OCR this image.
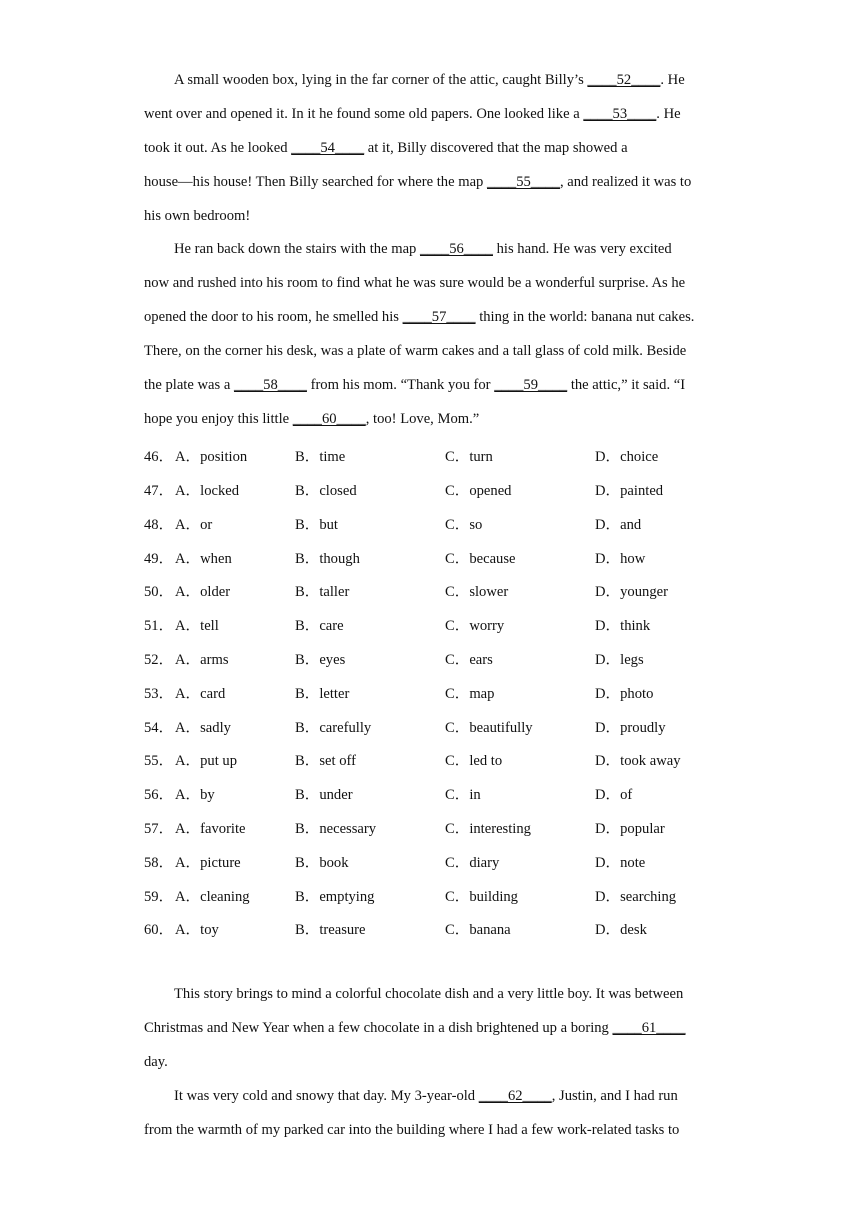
A small wooden box, lying in the far corner of the attic, caught Billy’s ____52____. He
went over and opened it. In it he found some old papers. One looked like a ____53____. He
took it out. As he looked ____54____ at it, Billy discovered that the map showed a
house—his house! Then Billy searched for where the map ____55____, and realized it was to
his own bedroom!
He ran back down the stairs with the map ____56____ his hand. He was very excited
now and rushed into his room to find what he was sure would be a wonderful surprise. As he
opened the door to his room, he smelled his ____57____ thing in the world: banana nut cakes.
There, on the corner his desk, was a plate of warm cakes and a tall glass of cold milk. Beside
the plate was a ____58____ from his mom. “Thank you for ____59____ the attic,” it said. “I
hope you enjoy this little ____60____, too! Love, Mom.”
46． A．position	B．time	C．turn	D．choice
47． A．locked	B．closed	C．opened	D．painted
48． A．or	B．but	C．so	D．and
49． A．when	B．though	C．because	D．how
50． A．older	B．taller	C．slower	D．younger
51． A．tell	B．care	C．worry	D．think
52． A．arms	B．eyes	C．ears	D．legs
53． A．card	B．letter	C．map	D．photo
54． A．sadly	B．carefully	C．beautifully	D．proudly
55． A．put up	B．set off	C．led to	D．took away
56． A．by	B．under	C．in	D．of
57． A．favorite	B．necessary	C．interesting	D．popular
58． A．picture	B．book	C．diary	D．note
59． A．cleaning	B．emptying	C．building	D．searching
60． A．toy	B．treasure	C．banana	D．desk
This story brings to mind a colorful chocolate dish and a very little boy. It was between
Christmas and New Year when a few chocolate in a dish brightened up a boring ____61____
day.
It was very cold and snowy that day. My 3-year-old ____62____, Justin, and I had run
from the warmth of my parked car into the building where I had a few work-related tasks to
